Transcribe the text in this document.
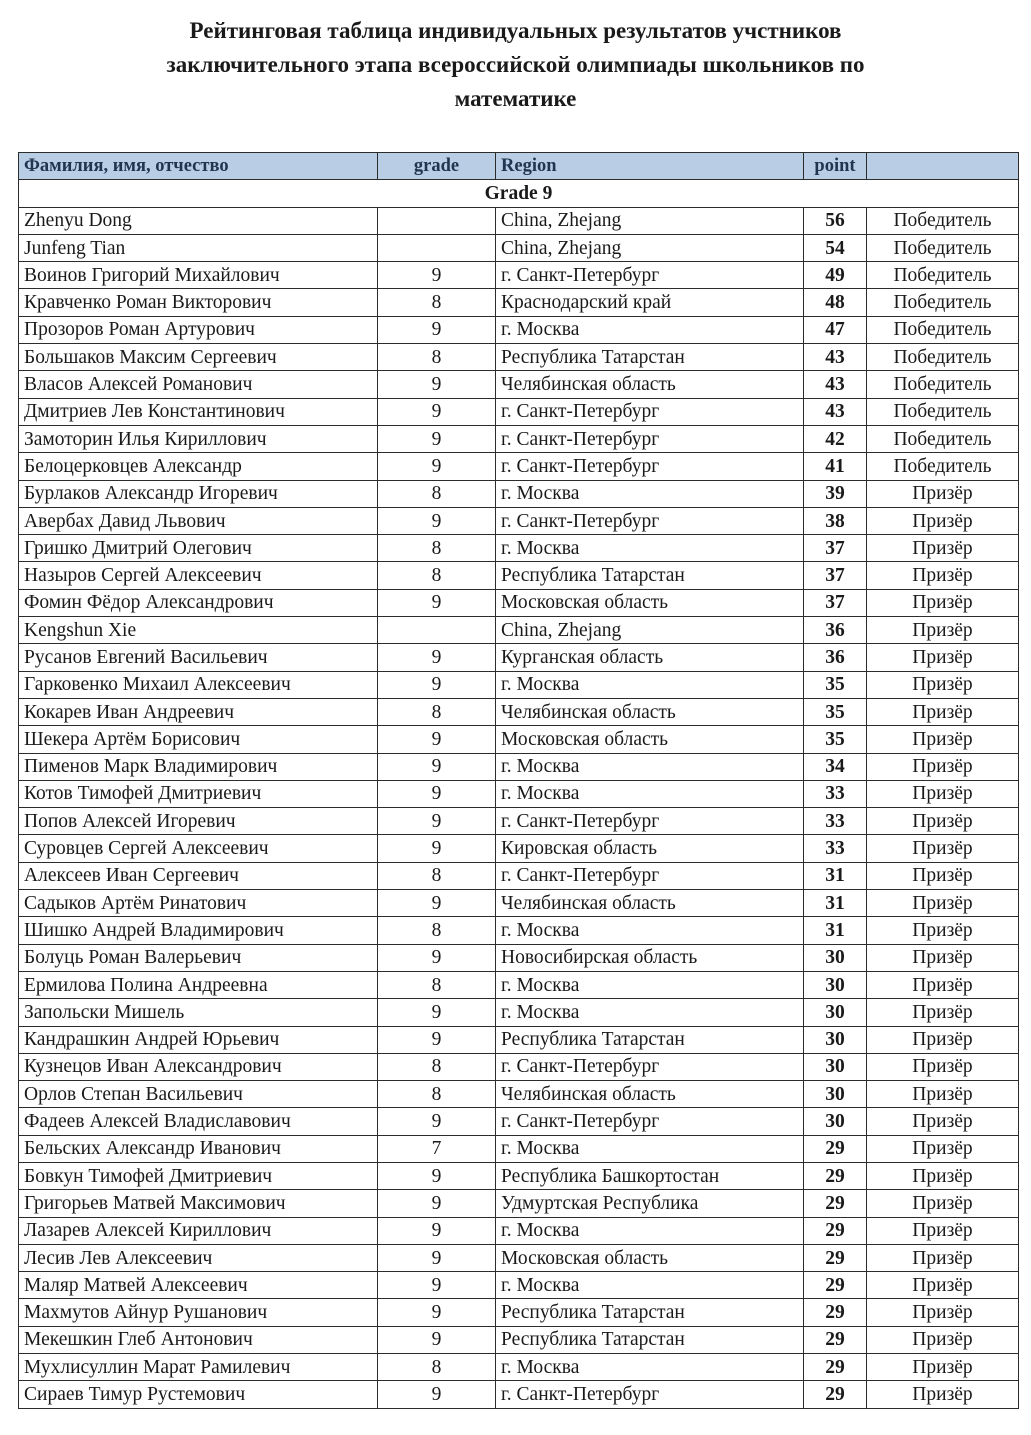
Рейтинговая таблица индивидуальных результатов учстников
заключительного этапа всероссийской олимпиады школьников по
математике
Фамилия, имя, отчество	grade	Region	point	
Grade 9				
Zhenyu Dong		China, Zhejang	56	Победитель
Junfeng Tian		China, Zhejang	54	Победитель
Воинов Григорий Михайлович	9	г. Санкт-Петербург	49	Победитель
Кравченко Роман Викторович	8	Краснодарский край	48	Победитель
Прозоров Роман Артурович	9	г. Москва	47	Победитель
Большаков Максим Сергеевич	8	Республика Татарстан	43	Победитель
Власов Алексей Романович	9	Челябинская область	43	Победитель
Дмитриев Лев Константинович	9	г. Санкт-Петербург	43	Победитель
Замоторин Илья Кириллович	9	г. Санкт-Петербург	42	Победитель
Белоцерковцев Александр	9	г. Санкт-Петербург	41	Победитель
Бурлаков Александр Игоревич	8	г. Москва	39	Призёр
Авербах Давид Львович	9	г. Санкт-Петербург	38	Призёр
Гришко Дмитрий Олегович	8	г. Москва	37	Призёр
Назыров Сергей Алексеевич	8	Республика Татарстан	37	Призёр
Фомин Фёдор Александрович	9	Московская область	37	Призёр
Kengshun Xie		China, Zhejang	36	Призёр
Русанов Евгений Васильевич	9	Курганская область	36	Призёр
Гарковенко Михаил Алексеевич	9	г. Москва	35	Призёр
Кокарев Иван Андреевич	8	Челябинская область	35	Призёр
Шекера Артём Борисович	9	Московская область	35	Призёр
Пименов Марк Владимирович	9	г. Москва	34	Призёр
Котов Тимофей Дмитриевич	9	г. Москва	33	Призёр
Попов Алексей Игоревич	9	г. Санкт-Петербург	33	Призёр
Суровцев Сергей Алексеевич	9	Кировская область	33	Призёр
Алексеев Иван Сергеевич	8	г. Санкт-Петербург	31	Призёр
Садыков Артём Ринатович	9	Челябинская область	31	Призёр
Шишко Андрей Владимирович	8	г. Москва	31	Призёр
Болуць Роман Валерьевич	9	Новосибирская область	30	Призёр
Ермилова Полина Андреевна	8	г. Москва	30	Призёр
Запольски Мишель	9	г. Москва	30	Призёр
Кандрашкин Андрей Юрьевич	9	Республика Татарстан	30	Призёр
Кузнецов Иван Александрович	8	г. Санкт-Петербург	30	Призёр
Орлов Степан Васильевич	8	Челябинская область	30	Призёр
Фадеев Алексей Владиславович	9	г. Санкт-Петербург	30	Призёр
Бельских Александр Иванович	7	г. Москва	29	Призёр
Бовкун Тимофей Дмитриевич	9	Республика Башкортостан	29	Призёр
Григорьев Матвей Максимович	9	Удмуртская Республика	29	Призёр
Лазарев Алексей Кириллович	9	г. Москва	29	Призёр
Лесив Лев Алексеевич	9	Московская область	29	Призёр
Маляр Матвей Алексеевич	9	г. Москва	29	Призёр
Махмутов Айнур Рушанович	9	Республика Татарстан	29	Призёр
Мекешкин Глеб Антонович	9	Республика Татарстан	29	Призёр
Мухлисуллин Марат Рамилевич	8	г. Москва	29	Призёр
Сираев Тимур Рустемович	9	г. Санкт-Петербург	29	Призёр
